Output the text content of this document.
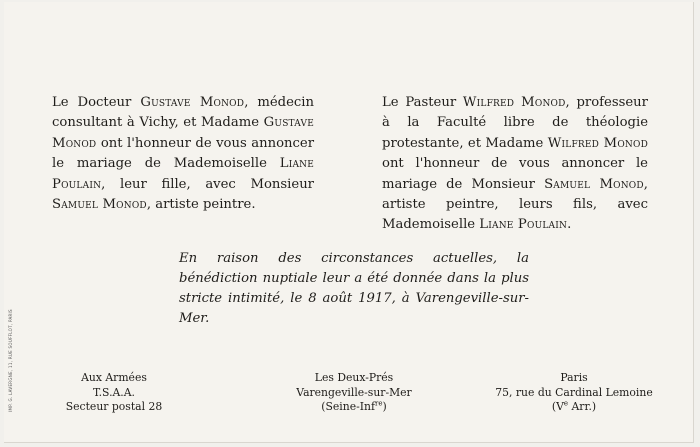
Le Docteur Gustave Monod, médecin consultant à Vichy, et Madame Gustave Monod ont l'honneur de vous annoncer le mariage de Mademoiselle Liane Poulain, leur fille, avec Monsieur Samuel Monod, artiste peintre.

Le Pasteur Wilfred Monod, professeur à la Faculté libre de théologie protestante, et Madame Wilfred Monod ont l'honneur de vous annoncer le mariage de Monsieur Samuel Monod, artiste peintre, leurs fils, avec Mademoiselle Liane Poulain.

En raison des circonstances actuelles, la bénédiction nuptiale leur a été donnée dans la plus stricte intimité, le 8 août 1917, à Varengeville-sur-Mer.
Aux Armées
T.S.A.A.
Secteur postal 28
Les Deux-Prés
Varengeville-sur-Mer
(Seine-Inf$^{re}$)
Paris
75, rue du Cardinal Lemoine
(Ve Arr.)
IMP. G. LAVERGNE, 11, RUE SOUFFLOT, PARIS
